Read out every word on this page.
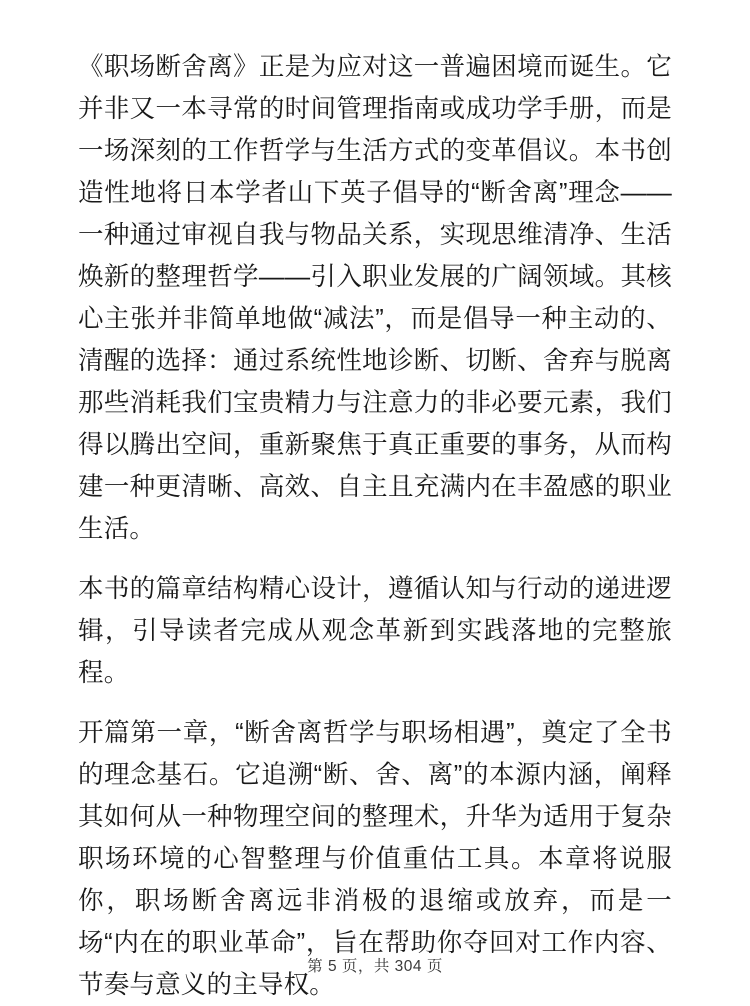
《职场断舍离》正是为应对这一普遍困境而诞生。它并非又一本寻常的时间管理指南或成功学手册，而是一场深刻的工作哲学与生活方式的变革倡议。本书创造性地将日本学者山下英子倡导的“断舍离”理念——一种通过审视自我与物品关系，实现思维清净、生活焕新的整理哲学——引入职业发展的广阔领域。其核心主张并非简单地做“减法”，而是倡导一种主动的、清醒的选择：通过系统性地诊断、切断、舍弃与脱离那些消耗我们宝贵精力与注意力的非必要元素，我们得以腾出空间，重新聚焦于真正重要的事务，从而构建一种更清晰、高效、自主且充满内在丰盈感的职业生活。

本书的篇章结构精心设计，遵循认知与行动的递进逻辑，引导读者完成从观念革新到实践落地的完整旅程。

开篇第一章，“断舍离哲学与职场相遇”，奠定了全书的理念基石。它追溯“断、舍、离”的本源内涵，阐释其如何从一种物理空间的整理术，升华为适用于复杂职场环境的心智整理与价值重估工具。本章将说服你，职场断舍离远非消极的退缩或放弃，而是一场“内在的职业革命”，旨在帮助你夺回对工作内容、节奏与意义的主导权。

第 5 页，共 304 页
